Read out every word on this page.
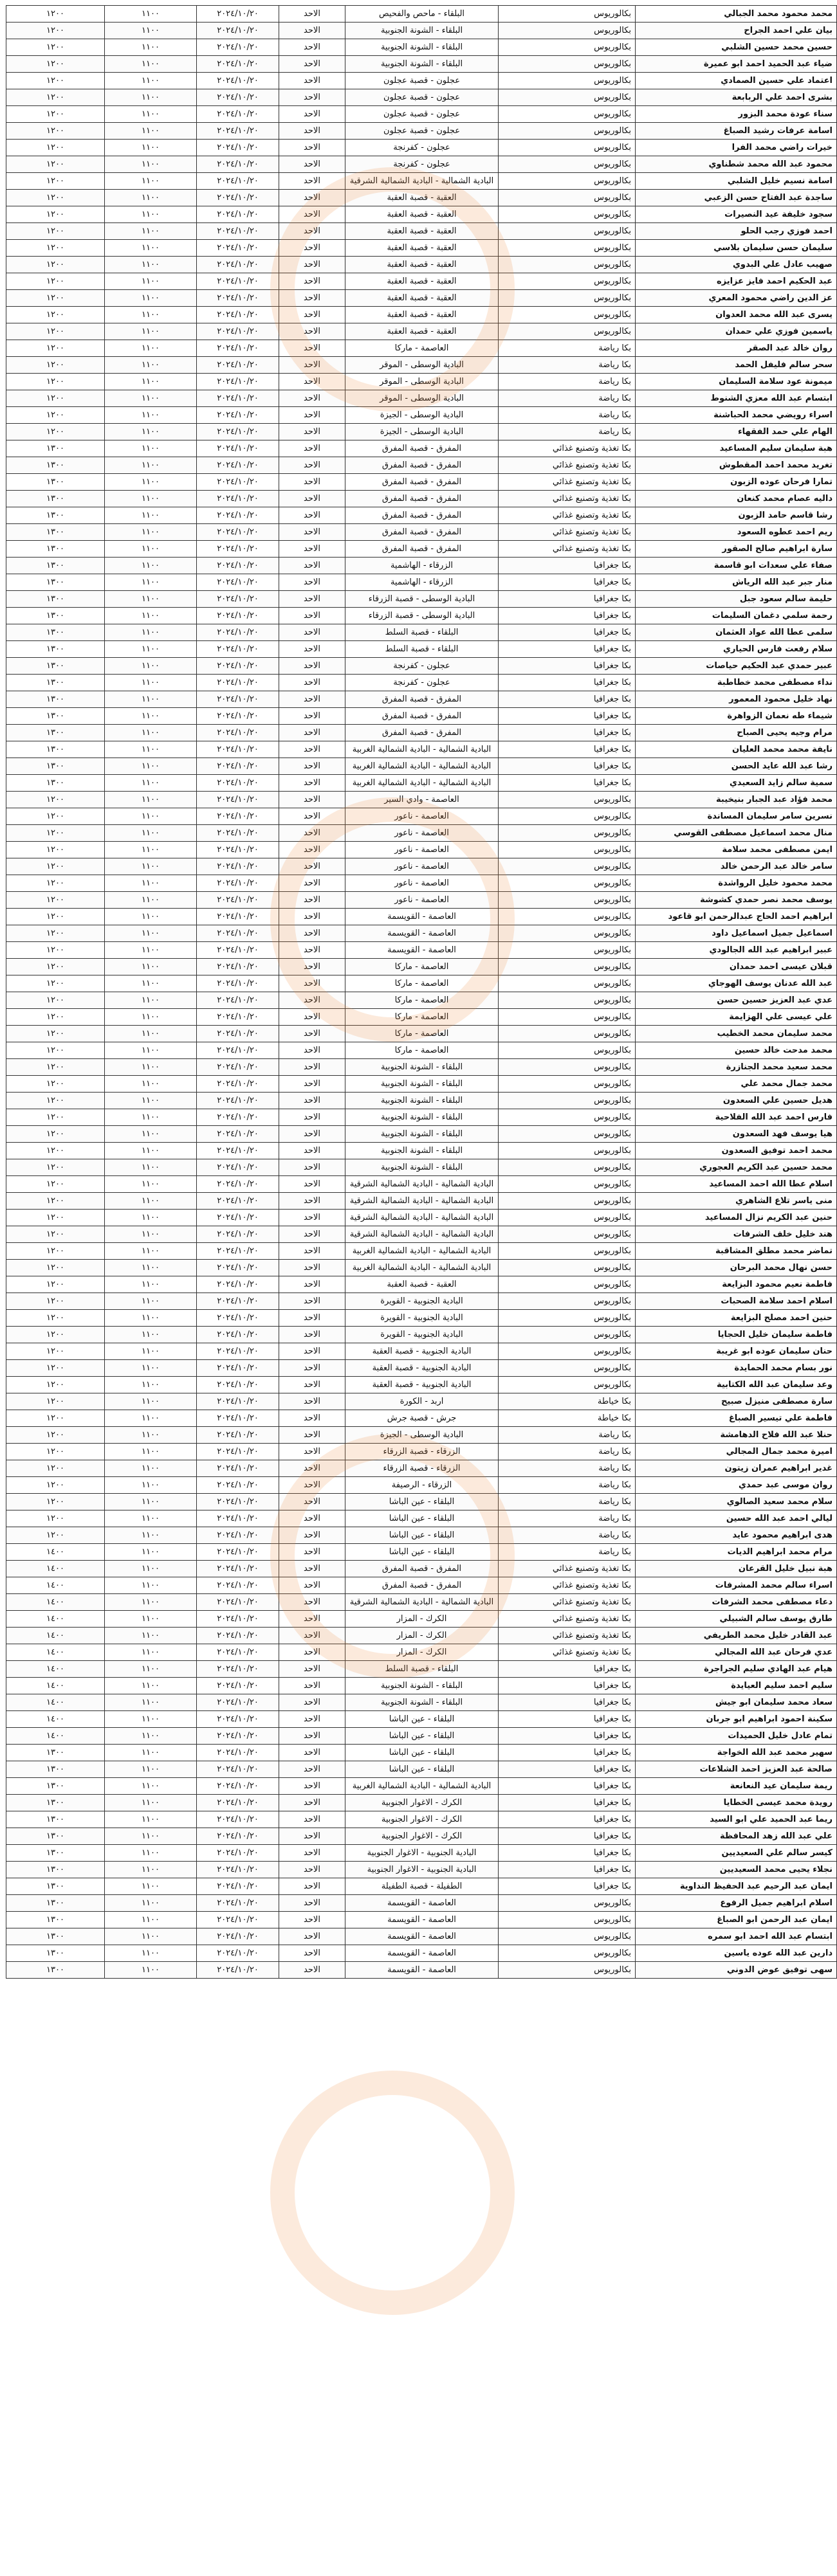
محمد محمود محمد الجبالي	بكالوريوس	البلقاء - ماحص والفحيص	الاحد	٢٠٢٤/١٠/٢٠	١١٠٠	١٢٠٠
بيان علي احمد الجراح	بكالوريوس	البلقاء - الشونة الجنوبية	الاحد	٢٠٢٤/١٠/٢٠	١١٠٠	١٢٠٠
حسين محمد حسين الشلبي	بكالوريوس	البلقاء - الشونة الجنوبية	الاحد	٢٠٢٤/١٠/٢٠	١١٠٠	١٢٠٠
ضياء عبد الحميد احمد ابو عميرة	بكالوريوس	البلقاء - الشونة الجنوبية	الاحد	٢٠٢٤/١٠/٢٠	١١٠٠	١٢٠٠
اعتماد علي حسين الصمادي	بكالوريوس	عجلون - قصبة عجلون	الاحد	٢٠٢٤/١٠/٢٠	١١٠٠	١٢٠٠
بشرى احمد علي الربابعة	بكالوريوس	عجلون - قصبة عجلون	الاحد	٢٠٢٤/١٠/٢٠	١١٠٠	١٢٠٠
سناء عودة محمد البزور	بكالوريوس	عجلون - قصبة عجلون	الاحد	٢٠٢٤/١٠/٢٠	١١٠٠	١٢٠٠
اسامة عرفات رشيد الصباغ	بكالوريوس	عجلون - قصبة عجلون	الاحد	٢٠٢٤/١٠/٢٠	١١٠٠	١٢٠٠
خيرات راضي محمد الفرا	بكالوريوس	عجلون - كفرنجة	الاحد	٢٠٢٤/١٠/٢٠	١١٠٠	١٢٠٠
محمود عبد الله محمد شطناوي	بكالوريوس	عجلون - كفرنجة	الاحد	٢٠٢٤/١٠/٢٠	١١٠٠	١٢٠٠
اسامة نسيم خليل الشلبي	بكالوريوس	البادية الشمالية - البادية الشمالية الشرقية	الاحد	٢٠٢٤/١٠/٢٠	١١٠٠	١٢٠٠
ساجدة عبد الفتاح حسن الزعبي	بكالوريوس	العقبة - قصبة العقبة	الاحد	٢٠٢٤/١٠/٢٠	١١٠٠	١٢٠٠
سجود خليفة عيد النصيرات	بكالوريوس	العقبة - قصبة العقبة	الاحد	٢٠٢٤/١٠/٢٠	١١٠٠	١٢٠٠
احمد فوزي رجب الحلو	بكالوريوس	العقبة - قصبة العقبة	الاحد	٢٠٢٤/١٠/٢٠	١١٠٠	١٢٠٠
سليمان حسن سليمان بلاسي	بكالوريوس	العقبة - قصبة العقبة	الاحد	٢٠٢٤/١٠/٢٠	١١٠٠	١٢٠٠
صهيب عادل علي البدوي	بكالوريوس	العقبة - قصبة العقبة	الاحد	٢٠٢٤/١٠/٢٠	١١٠٠	١٢٠٠
عبد الحكيم احمد فايز عزايزه	بكالوريوس	العقبة - قصبة العقبة	الاحد	٢٠٢٤/١٠/٢٠	١١٠٠	١٢٠٠
عز الدين راضي محمود المعري	بكالوريوس	العقبة - قصبة العقبة	الاحد	٢٠٢٤/١٠/٢٠	١١٠٠	١٢٠٠
يسرى عبد الله محمد العدوان	بكالوريوس	العقبة - قصبة العقبة	الاحد	٢٠٢٤/١٠/٢٠	١١٠٠	١٢٠٠
ياسمين فوزي علي حمدان	بكالوريوس	العقبة - قصبة العقبة	الاحد	٢٠٢٤/١٠/٢٠	١١٠٠	١٢٠٠
روان خالد عبد الصقر	بكا رياضة	العاصمة - ماركا	الاحد	٢٠٢٤/١٠/٢٠	١١٠٠	١٢٠٠
سحر سالم فليفل الحمد	بكا رياضة	البادية الوسطى - الموقر	الاحد	٢٠٢٤/١٠/٢٠	١١٠٠	١٢٠٠
ميمونة عود سلامة السليمان	بكا رياضة	البادية الوسطى - الموقر	الاحد	٢٠٢٤/١٠/٢٠	١١٠٠	١٢٠٠
ابتسام عبد الله معزي الشنوط	بكا رياضة	البادية الوسطى - الموقر	الاحد	٢٠٢٤/١٠/٢٠	١١٠٠	١٢٠٠
اسراء رويضي محمد الحباشنة	بكا رياضة	البادية الوسطى - الجيزة	الاحد	٢٠٢٤/١٠/٢٠	١١٠٠	١٢٠٠
الهام علي حمد الفقهاء	بكا رياضة	البادية الوسطى - الجيزة	الاحد	٢٠٢٤/١٠/٢٠	١١٠٠	١٢٠٠
هبة سليمان سليم المساعيد	بكا تغذية وتصنيع غذائي	المفرق - قصبة المفرق	الاحد	٢٠٢٤/١٠/٢٠	١١٠٠	١٣٠٠
تغريد محمد احمد المقطوش	بكا تغذية وتصنيع غذائي	المفرق - قصبة المفرق	الاحد	٢٠٢٤/١٠/٢٠	١١٠٠	١٣٠٠
تمارا فرحان عوده الزبون	بكا تغذية وتصنيع غذائي	المفرق - قصبة المفرق	الاحد	٢٠٢٤/١٠/٢٠	١١٠٠	١٣٠٠
داليه عصام محمد كنعان	بكا تغذية وتصنيع غذائي	المفرق - قصبة المفرق	الاحد	٢٠٢٤/١٠/٢٠	١١٠٠	١٣٠٠
رشا قاسم حامد الزبون	بكا تغذية وتصنيع غذائي	المفرق - قصبة المفرق	الاحد	٢٠٢٤/١٠/٢٠	١١٠٠	١٣٠٠
ريم احمد عطوه السعود	بكا تغذية وتصنيع غذائي	المفرق - قصبة المفرق	الاحد	٢٠٢٤/١٠/٢٠	١١٠٠	١٣٠٠
سارة ابراهيم صالح الصقور	بكا تغذية وتصنيع غذائي	المفرق - قصبة المفرق	الاحد	٢٠٢٤/١٠/٢٠	١١٠٠	١٣٠٠
صفاء علي سعدات ابو قاسمة	بكا جغرافيا	الزرقاء - الهاشمية	الاحد	٢٠٢٤/١٠/٢٠	١١٠٠	١٣٠٠
منار جبر عبد الله الرياش	بكا جغرافيا	الزرقاء - الهاشمية	الاحد	٢٠٢٤/١٠/٢٠	١١٠٠	١٣٠٠
حليمة سالم سعود جبل	بكا جغرافيا	البادية الوسطى - قصبة الزرقاء	الاحد	٢٠٢٤/١٠/٢٠	١١٠٠	١٣٠٠
رحمة سلمي دغمان السليمات	بكا جغرافيا	البادية الوسطى - قصبة الزرقاء	الاحد	٢٠٢٤/١٠/٢٠	١١٠٠	١٣٠٠
سلمى عطا الله عواد العثمان	بكا جغرافيا	البلقاء - قصبة السلط	الاحد	٢٠٢٤/١٠/٢٠	١١٠٠	١٣٠٠
سلام رفعت فارس الحياري	بكا جغرافيا	البلقاء - قصبة السلط	الاحد	٢٠٢٤/١٠/٢٠	١١٠٠	١٣٠٠
عبير حمدي عبد الحكيم حياصات	بكا جغرافيا	عجلون - كفرنجة	الاحد	٢٠٢٤/١٠/٢٠	١١٠٠	١٣٠٠
نداء مصطفى محمد خطاطبة	بكا جغرافيا	عجلون - كفرنجة	الاحد	٢٠٢٤/١٠/٢٠	١١٠٠	١٣٠٠
نهاد خليل محمود المعمور	بكا جغرافيا	المفرق - قصبة المفرق	الاحد	٢٠٢٤/١٠/٢٠	١١٠٠	١٣٠٠
شيماء طه نعمان الزواهرة	بكا جغرافيا	المفرق - قصبة المفرق	الاحد	٢٠٢٤/١٠/٢٠	١١٠٠	١٣٠٠
مرام وجيه يحيى الصباح	بكا جغرافيا	المفرق - قصبة المفرق	الاحد	٢٠٢٤/١٠/٢٠	١١٠٠	١٣٠٠
نايفة محمد محمد العليان	بكا جغرافيا	البادية الشمالية - البادية الشمالية الغربية	الاحد	٢٠٢٤/١٠/٢٠	١١٠٠	١٣٠٠
رشا عبد الله عايد الحسن	بكا جغرافيا	البادية الشمالية - البادية الشمالية الغربية	الاحد	٢٠٢٤/١٠/٢٠	١١٠٠	١٣٠٠
سمية سالم زايد السعيدي	بكا جغرافيا	البادية الشمالية - البادية الشمالية الغربية	الاحد	٢٠٢٤/١٠/٢٠	١١٠٠	١٣٠٠
محمد فؤاد عبد الجبار بنيخيبة	بكالوريوس	العاصمة - وادي السير	الاحد	٢٠٢٤/١٠/٢٠	١١٠٠	١٢٠٠
نسرين سامر سليمان المساندة	بكالوريوس	العاصمة - ناعور	الاحد	٢٠٢٤/١٠/٢٠	١١٠٠	١٢٠٠
منال محمد اسماعيل مصطفى القوسي	بكالوريوس	العاصمة - ناعور	الاحد	٢٠٢٤/١٠/٢٠	١١٠٠	١٢٠٠
ايمن مصطفى محمد سلامة	بكالوريوس	العاصمة - ناعور	الاحد	٢٠٢٤/١٠/٢٠	١١٠٠	١٢٠٠
سامر خالد عبد الرحمن خالد	بكالوريوس	العاصمة - ناعور	الاحد	٢٠٢٤/١٠/٢٠	١١٠٠	١٢٠٠
محمد محمود خليل الرواشدة	بكالوريوس	العاصمة - ناعور	الاحد	٢٠٢٤/١٠/٢٠	١١٠٠	١٢٠٠
يوسف محمد نصر حمدي كشوشة	بكالوريوس	العاصمة - ناعور	الاحد	٢٠٢٤/١٠/٢٠	١١٠٠	١٢٠٠
ابراهيم احمد الحاج عبدالرحمن ابو قاعود	بكالوريوس	العاصمة - القويسمة	الاحد	٢٠٢٤/١٠/٢٠	١١٠٠	١٢٠٠
اسماعيل جميل اسماعيل داود	بكالوريوس	العاصمة - القويسمة	الاحد	٢٠٢٤/١٠/٢٠	١١٠٠	١٢٠٠
عبير ابراهيم عبد الله الجالودي	بكالوريوس	العاصمة - القويسمة	الاحد	٢٠٢٤/١٠/٢٠	١١٠٠	١٢٠٠
قبلان عيسى احمد حمدان	بكالوريوس	العاصمة - ماركا	الاحد	٢٠٢٤/١٠/٢٠	١١٠٠	١٢٠٠
عبد الله عدنان يوسف الهوجاي	بكالوريوس	العاصمة - ماركا	الاحد	٢٠٢٤/١٠/٢٠	١١٠٠	١٢٠٠
عدي عبد العزيز حسين حسن	بكالوريوس	العاصمة - ماركا	الاحد	٢٠٢٤/١٠/٢٠	١١٠٠	١٢٠٠
علي عيسى علي الهزايمة	بكالوريوس	العاصمة - ماركا	الاحد	٢٠٢٤/١٠/٢٠	١١٠٠	١٢٠٠
محمد سليمان محمد الخطيب	بكالوريوس	العاصمة - ماركا	الاحد	٢٠٢٤/١٠/٢٠	١١٠٠	١٢٠٠
محمد مدحت خالد حسين	بكالوريوس	العاصمة - ماركا	الاحد	٢٠٢٤/١٠/٢٠	١١٠٠	١٢٠٠
محمد سعيد محمد الجنازرة	بكالوريوس	البلقاء - الشونة الجنوبية	الاحد	٢٠٢٤/١٠/٢٠	١١٠٠	١٢٠٠
محمد جمال محمد علي	بكالوريوس	البلقاء - الشونة الجنوبية	الاحد	٢٠٢٤/١٠/٢٠	١١٠٠	١٢٠٠
هديل حسين علي السعدون	بكالوريوس	البلقاء - الشونة الجنوبية	الاحد	٢٠٢٤/١٠/٢٠	١١٠٠	١٢٠٠
فارس احمد عبد الله الفلاحية	بكالوريوس	البلقاء - الشونة الجنوبية	الاحد	٢٠٢٤/١٠/٢٠	١١٠٠	١٢٠٠
هيا يوسف فهد السعدون	بكالوريوس	البلقاء - الشونة الجنوبية	الاحد	٢٠٢٤/١٠/٢٠	١١٠٠	١٢٠٠
محمد احمد توفيق السعدون	بكالوريوس	البلقاء - الشونة الجنوبية	الاحد	٢٠٢٤/١٠/٢٠	١١٠٠	١٢٠٠
محمد حسين عبد الكريم العجوري	بكالوريوس	البلقاء - الشونة الجنوبية	الاحد	٢٠٢٤/١٠/٢٠	١١٠٠	١٢٠٠
اسلام عطا الله احمد المساعيد	بكالوريوس	البادية الشمالية - البادية الشمالية الشرقية	الاحد	٢٠٢٤/١٠/٢٠	١١٠٠	١٢٠٠
منى ياسر تلاع الشاهري	بكالوريوس	البادية الشمالية - البادية الشمالية الشرقية	الاحد	٢٠٢٤/١٠/٢٠	١١٠٠	١٢٠٠
حنين عبد الكريم نزال المساعيد	بكالوريوس	البادية الشمالية - البادية الشمالية الشرقية	الاحد	٢٠٢٤/١٠/٢٠	١١٠٠	١٢٠٠
هند خليل خلف الشرفات	بكالوريوس	البادية الشمالية - البادية الشمالية الشرقية	الاحد	٢٠٢٤/١٠/٢٠	١١٠٠	١٢٠٠
تماضر محمد مطلق المشاقبة	بكالوريوس	البادية الشمالية - البادية الشمالية الغربية	الاحد	٢٠٢٤/١٠/٢٠	١١٠٠	١٢٠٠
حسن نهال محمد البرحان	بكالوريوس	البادية الشمالية - البادية الشمالية الغربية	الاحد	٢٠٢٤/١٠/٢٠	١١٠٠	١٢٠٠
فاطمة نعيم محمود البزايعة	بكالوريوس	العقبة - قصبة العقبة	الاحد	٢٠٢٤/١٠/٢٠	١١٠٠	١٢٠٠
اسلام احمد سلامة الصحبات	بكالوريوس	البادية الجنوبية - القويرة	الاحد	٢٠٢٤/١٠/٢٠	١١٠٠	١٢٠٠
حنين احمد مصلح البزايعة	بكالوريوس	البادية الجنوبية - القويرة	الاحد	٢٠٢٤/١٠/٢٠	١١٠٠	١٢٠٠
فاطمة سليمان خليل الحجايا	بكالوريوس	البادية الجنوبية - القويرة	الاحد	٢٠٢٤/١٠/٢٠	١١٠٠	١٢٠٠
حنان سليمان عوده ابو غريبة	بكالوريوس	البادية الجنوبية - قصبة العقبة	الاحد	٢٠٢٤/١٠/٢٠	١١٠٠	١٢٠٠
نور بسام محمد الحمايدة	بكالوريوس	البادية الجنوبية - قصبة العقبة	الاحد	٢٠٢٤/١٠/٢٠	١١٠٠	١٢٠٠
وعد سليمان عبد الله الكتابية	بكالوريوس	البادية الجنوبية - قصبة العقبة	الاحد	٢٠٢٤/١٠/٢٠	١١٠٠	١٢٠٠
سارة مصطفى منيزل صبيح	بكا خياطة	اربد - الكورة	الاحد	٢٠٢٤/١٠/٢٠	١١٠٠	١٢٠٠
فاطمة علي تيسير الصباغ	بكا خياطة	جرش - قصبة جرش	الاحد	٢٠٢٤/١٠/٢٠	١١٠٠	١٢٠٠
حنلا عبد الله فلاح الدهامشة	بكا رياضة	البادية الوسطى - الجيزة	الاحد	٢٠٢٤/١٠/٢٠	١١٠٠	١٢٠٠
اميرة محمد جمال المجالي	بكا رياضة	الزرقاء - قصبة الزرقاء	الاحد	٢٠٢٤/١٠/٢٠	١١٠٠	١٢٠٠
غدير ابراهيم عمران زيتون	بكا رياضة	الزرقاء - قصبة الزرقاء	الاحد	٢٠٢٤/١٠/٢٠	١١٠٠	١٢٠٠
روان موسى عبد حمدي	بكا رياضة	الزرقاء - الرصيفة	الاحد	٢٠٢٤/١٠/٢٠	١١٠٠	١٢٠٠
سلام محمد سعيد الصالوي	بكا رياضة	البلقاء - عين الباشا	الاحد	٢٠٢٤/١٠/٢٠	١١٠٠	١٢٠٠
ليالي احمد عبد الله حسين	بكا رياضة	البلقاء - عين الباشا	الاحد	٢٠٢٤/١٠/٢٠	١١٠٠	١٢٠٠
هدى ابراهيم محمود عايد	بكا رياضة	البلقاء - عين الباشا	الاحد	٢٠٢٤/١٠/٢٠	١١٠٠	١٢٠٠
مرام محمد ابراهيم الديات	بكا رياضة	البلقاء - عين الباشا	الاحد	٢٠٢٤/١٠/٢٠	١١٠٠	١٤٠٠
هبة نبيل خليل القرعان	بكا تغذية وتصنيع غذائي	المفرق - قصبة المفرق	الاحد	٢٠٢٤/١٠/٢٠	١١٠٠	١٤٠٠
اسراء سالم محمد المشرفات	بكا تغذية وتصنيع غذائي	المفرق - قصبة المفرق	الاحد	٢٠٢٤/١٠/٢٠	١١٠٠	١٤٠٠
دعاء مصطفى محمد الشرفات	بكا تغذية وتصنيع غذائي	البادية الشمالية - البادية الشمالية الشرقية	الاحد	٢٠٢٤/١٠/٢٠	١١٠٠	١٤٠٠
طارق يوسف سالم الشبيلي	بكا تغذية وتصنيع غذائي	الكرك - المزار	الاحد	٢٠٢٤/١٠/٢٠	١١٠٠	١٤٠٠
عبد القادر خليل محمد الطريفي	بكا تغذية وتصنيع غذائي	الكرك - المزار	الاحد	٢٠٢٤/١٠/٢٠	١١٠٠	١٤٠٠
عدي فرحان عبد الله المجالي	بكا تغذية وتصنيع غذائي	الكرك - المزار	الاحد	٢٠٢٤/١٠/٢٠	١١٠٠	١٤٠٠
هيام عبد الهادي سليم الجراجرة	بكا جغرافيا	البلقاء - قصبة السلط	الاحد	٢٠٢٤/١٠/٢٠	١١٠٠	١٤٠٠
سليم احمد سليم العيايدة	بكا جغرافيا	البلقاء - الشونة الجنوبية	الاحد	٢٠٢٤/١٠/٢٠	١١٠٠	١٤٠٠
سعاد محمد سليمان ابو جيش	بكا جغرافيا	البلقاء - الشونة الجنوبية	الاحد	٢٠٢٤/١٠/٢٠	١١٠٠	١٤٠٠
سكينة احمود ابراهيم ابو جربان	بكا جغرافيا	البلقاء - عين الباشا	الاحد	٢٠٢٤/١٠/٢٠	١١٠٠	١٤٠٠
تمام عادل خليل الحميدات	بكا جغرافيا	البلقاء - عين الباشا	الاحد	٢٠٢٤/١٠/٢٠	١١٠٠	١٤٠٠
سهير محمد عبد الله الخواجة	بكا جغرافيا	البلقاء - عين الباشا	الاحد	٢٠٢٤/١٠/٢٠	١١٠٠	١٣٠٠
صالحة عبد العزيز احمد الشلاعات	بكا جغرافيا	البلقاء - عين الباشا	الاحد	٢٠٢٤/١٠/٢٠	١١٠٠	١٣٠٠
ريمة سليمان عيد النعانعة	بكا جغرافيا	البادية الشمالية - البادية الشمالية الغربية	الاحد	٢٠٢٤/١٠/٢٠	١١٠٠	١٣٠٠
رويدة محمد عيسى الخطايا	بكا جغرافيا	الكرك - الاغوار الجنوبية	الاحد	٢٠٢٤/١٠/٢٠	١١٠٠	١٣٠٠
ريما عبد الحميد علي ابو السيد	بكا جغرافيا	الكرك - الاغوار الجنوبية	الاحد	٢٠٢٤/١٠/٢٠	١١٠٠	١٣٠٠
علي عبد الله زهد المحافظة	بكا جغرافيا	الكرك - الاغوار الجنوبية	الاحد	٢٠٢٤/١٠/٢٠	١١٠٠	١٣٠٠
كيسر سالم علي السعيديين	بكا جغرافيا	البادية الجنوبية - الاغوار الجنوبية	الاحد	٢٠٢٤/١٠/٢٠	١١٠٠	١٣٠٠
نجلاء يحيى محمد السعيديين	بكا جغرافيا	البادية الجنوبية - الاغوار الجنوبية	الاحد	٢٠٢٤/١٠/٢٠	١١٠٠	١٣٠٠
ايمان عبد الرحيم عبد الحفيظ النداوية	بكا جغرافيا	الطفيلة - قصبة الطفيلة	الاحد	٢٠٢٤/١٠/٢٠	١١٠٠	١٣٠٠
اسلام ابراهيم جميل الرفوع	بكالوريوس	العاصمة - القويسمة	الاحد	٢٠٢٤/١٠/٢٠	١١٠٠	١٣٠٠
ايمان عبد الرحمن ابو الصباغ	بكالوريوس	العاصمة - القويسمة	الاحد	٢٠٢٤/١٠/٢٠	١١٠٠	١٣٠٠
ابتسام عبد الله احمد ابو سمره	بكالوريوس	العاصمة - القويسمة	الاحد	٢٠٢٤/١٠/٢٠	١١٠٠	١٣٠٠
دارين عبد الله عوده ياسين	بكالوريوس	العاصمة - القويسمة	الاحد	٢٠٢٤/١٠/٢٠	١١٠٠	١٣٠٠
سهى توفيق عوض الدوني	بكالوريوس	العاصمة - القويسمة	الاحد	٢٠٢٤/١٠/٢٠	١١٠٠	١٣٠٠
